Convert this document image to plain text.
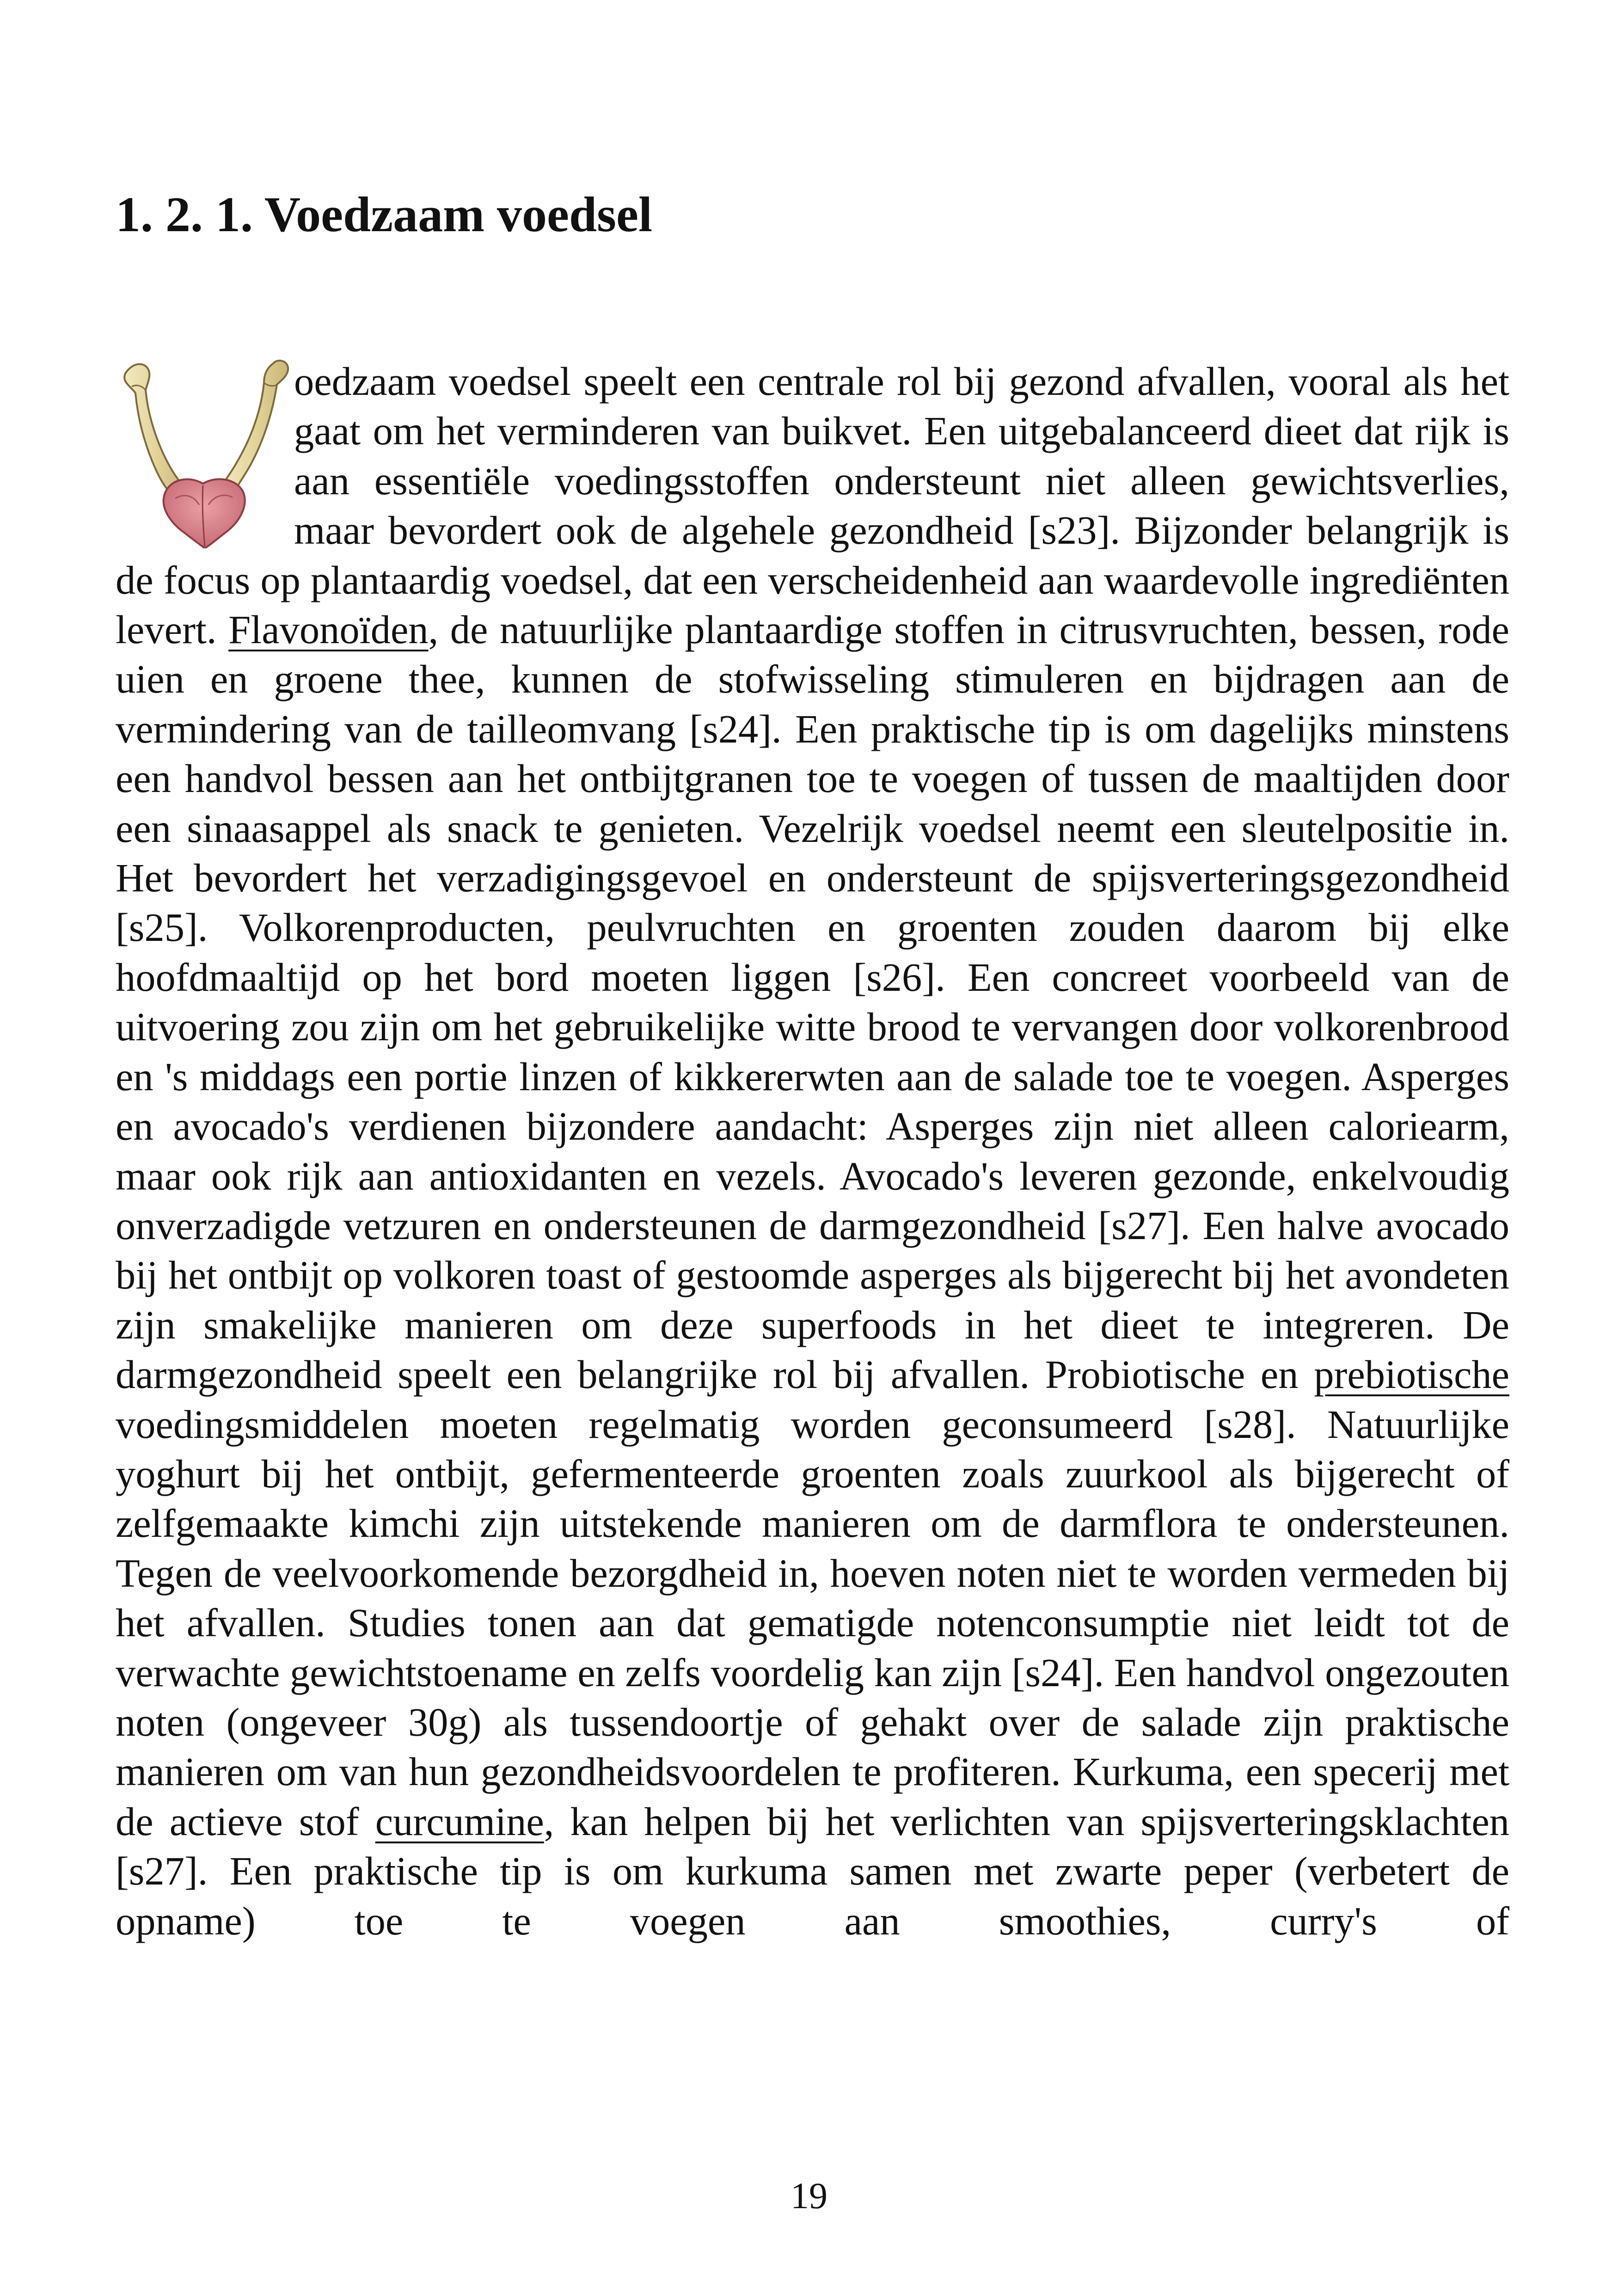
1. 2. 1. Voedzaam voedsel

oedzaam voedsel speelt een centrale rol bij gezond afvallen, vooral als het gaat om het verminderen van buikvet. Een uitgebalanceerd dieet dat rijk is aan essentiële voedingsstoffen ondersteunt niet alleen gewichtsverlies, maar bevordert ook de algehele gezondheid [s23]. Bijzonder belangrijk is de focus op plantaardig voedsel, dat een verscheidenheid aan waardevolle ingrediënten levert. Flavonoïden, de natuurlijke plantaardige stoffen in citrusvruchten, bessen, rode uien en groene thee, kunnen de stofwisseling stimuleren en bijdragen aan de vermindering van de tailleomvang [s24]. Een praktische tip is om dagelijks minstens een handvol bessen aan het ontbijtgranen toe te voegen of tussen de maaltijden door een sinaasappel als snack te genieten. Vezelrijk voedsel neemt een sleutelpositie in. Het bevordert het verzadigingsgevoel en ondersteunt de spijsverteringsgezondheid [s25]. Volkorenproducten, peulvruchten en groenten zouden daarom bij elke hoofdmaaltijd op het bord moeten liggen [s26]. Een concreet voorbeeld van de uitvoering zou zijn om het gebruikelijke witte brood te vervangen door volkorenbrood en 's middags een portie linzen of kikkererwten aan de salade toe te voegen. Asperges en avocado's verdienen bijzondere aandacht: Asperges zijn niet alleen caloriearm, maar ook rijk aan antioxidanten en vezels. Avocado's leveren gezonde, enkelvoudig onverzadigde vetzuren en ondersteunen de darmgezondheid [s27]. Een halve avocado bij het ontbijt op volkoren toast of gestoomde asperges als bijgerecht bij het avondeten zijn smakelijke manieren om deze superfoods in het dieet te integreren. De darmgezondheid speelt een belangrijke rol bij afvallen. Probiotische en prebiotische voedingsmiddelen moeten regelmatig worden geconsumeerd [s28]. Natuurlijke yoghurt bij het ontbijt, gefermenteerde groenten zoals zuurkool als bijgerecht of zelfgemaakte kimchi zijn uitstekende manieren om de darmflora te ondersteunen. Tegen de veelvoorkomende bezorgdheid in, hoeven noten niet te worden vermeden bij het afvallen. Studies tonen aan dat gematigde notenconsumptie niet leidt tot de verwachte gewichtstoename en zelfs voordelig kan zijn [s24]. Een handvol ongezouten noten (ongeveer 30g) als tussendoortje of gehakt over de salade zijn praktische manieren om van hun gezondheidsvoordelen te profiteren. Kurkuma, een specerij met de actieve stof curcumine, kan helpen bij het verlichten van spijsverteringsklachten [s27]. Een praktische tip is om kurkuma samen met zwarte peper (verbetert de opname) toe te voegen aan smoothies, curry's of

19
